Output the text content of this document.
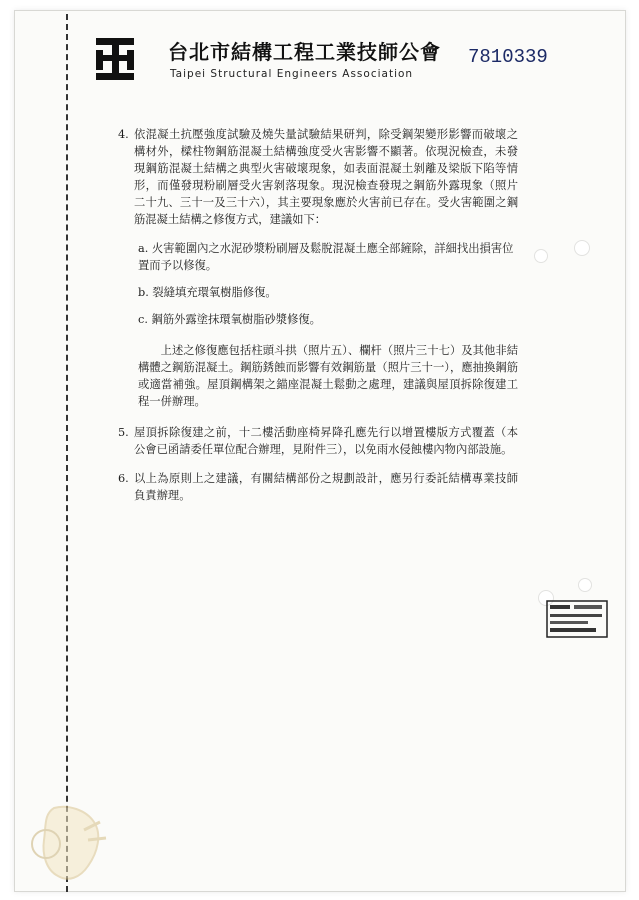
台北市結構工程工業技師公會
Taipei Structural Engineers Association
7810339
4. 依混凝土抗壓強度試驗及燒失量試驗結果研判，除受鋼架變形影響而破壞之構材外，樑柱物鋼筋混凝土結構強度受火害影響不顯著。依現況檢查，未發現鋼筋混凝土結構之典型火害破壞現象，如表面混凝土剝離及梁版下陷等情形，而僅發現粉刷層受火害剝落現象。現況檢查發現之鋼筋外露現象（照片二十九、三十一及三十六），其主要現象應於火害前已存在。受火害範圍之鋼筋混凝土結構之修復方式，建議如下：
a. 火害範圍內之水泥砂漿粉刷層及鬆脫混凝土應全部鏟除，詳細找出損害位置而予以修復。
b. 裂縫填充環氧樹脂修復。
c. 鋼筋外露塗抹環氧樹脂砂漿修復。
上述之修復應包括柱頭斗拱（照片五）、欄杆（照片三十七）及其他非結構體之鋼筋混凝土。鋼筋銹蝕而影響有效鋼筋量（照片三十一），應抽換鋼筋或適當補強。屋頂鋼構架之錨座混凝土鬆動之處理，建議與屋頂拆除復建工程一併辦理。
5. 屋頂拆除復建之前，十二樓活動座椅昇降孔應先行以增置樓版方式覆蓋（本公會已函請委任單位配合辦理，見附件三），以免雨水侵蝕樓內物內部設施。
6. 以上為原則上之建議，有關結構部份之規劃設計，應另行委託結構專業技師負責辦理。
